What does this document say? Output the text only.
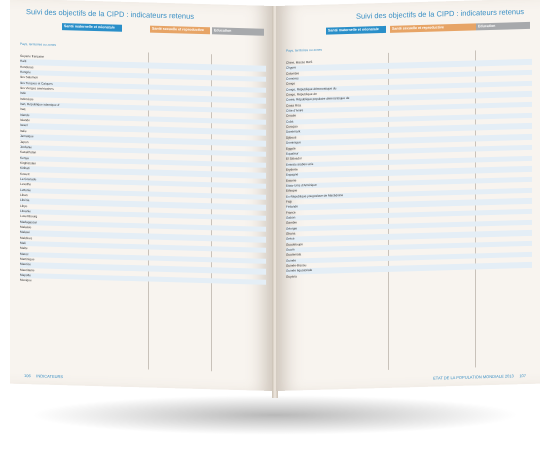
Suivi des objectifs de la CIPD : indicateurs retenus
Santé maternelle et néonatale	Santé sexuelle et reproductive	Education
Pays, territoires ou zones
Guyane française
Haïti
Honduras
Hongrie
Iles Salomon
Iles Turques et Caïques
Iles Vierges américaines
Inde
Indonésie
Iran, République islamique d'
Iraq
Irlande
Islande
Israël
Italie
Jamaïque
Japon
Jordanie
Kazakhstan
Kenya
Kirghizistan
Kiribati
Koweït
La Grenade
Lesotho
Lettonie
Liban
Libéria
Libye
Lituanie
Luxembourg
Madagascar
Malaisie
Malawi
Maldives
Mali
Malte
Maroc
Martinique
Maurice
Mauritanie
Mayotte
Mexique
106 INDICATEURS
Suivi des objectifs de la CIPD : indicateurs retenus
Santé maternelle et néonatale	Santé sexuelle et reproductive	Education
Pays, territoires ou zones
Chine, Macao RAS
Chypre
Colombie
Comores
Congo
Congo, République démocratique du
Congo, République de
Corée, République populaire démocratique de
Costa Rica
Côte d'Ivoire
Croatie
Cuba
Curaçao
Danemark
Djibouti
Dominique
Egypte
Equateur
El Salvador
Emirats arabes unis
Erythrée
Espagne
Estonie
Etats-Unis d'Amérique
Ethiopie
Ex-République yougoslave de Macédoine
Fidji
Finlande
France
Gabon
Gambie
Géorgie
Ghana
Grèce
Guadeloupe
Guam
Guatemala
Guinée
Guinée-Bissau
Guinée équatoriale
Guyana
ETAT DE LA POPULATION MONDIALE 2013 107
